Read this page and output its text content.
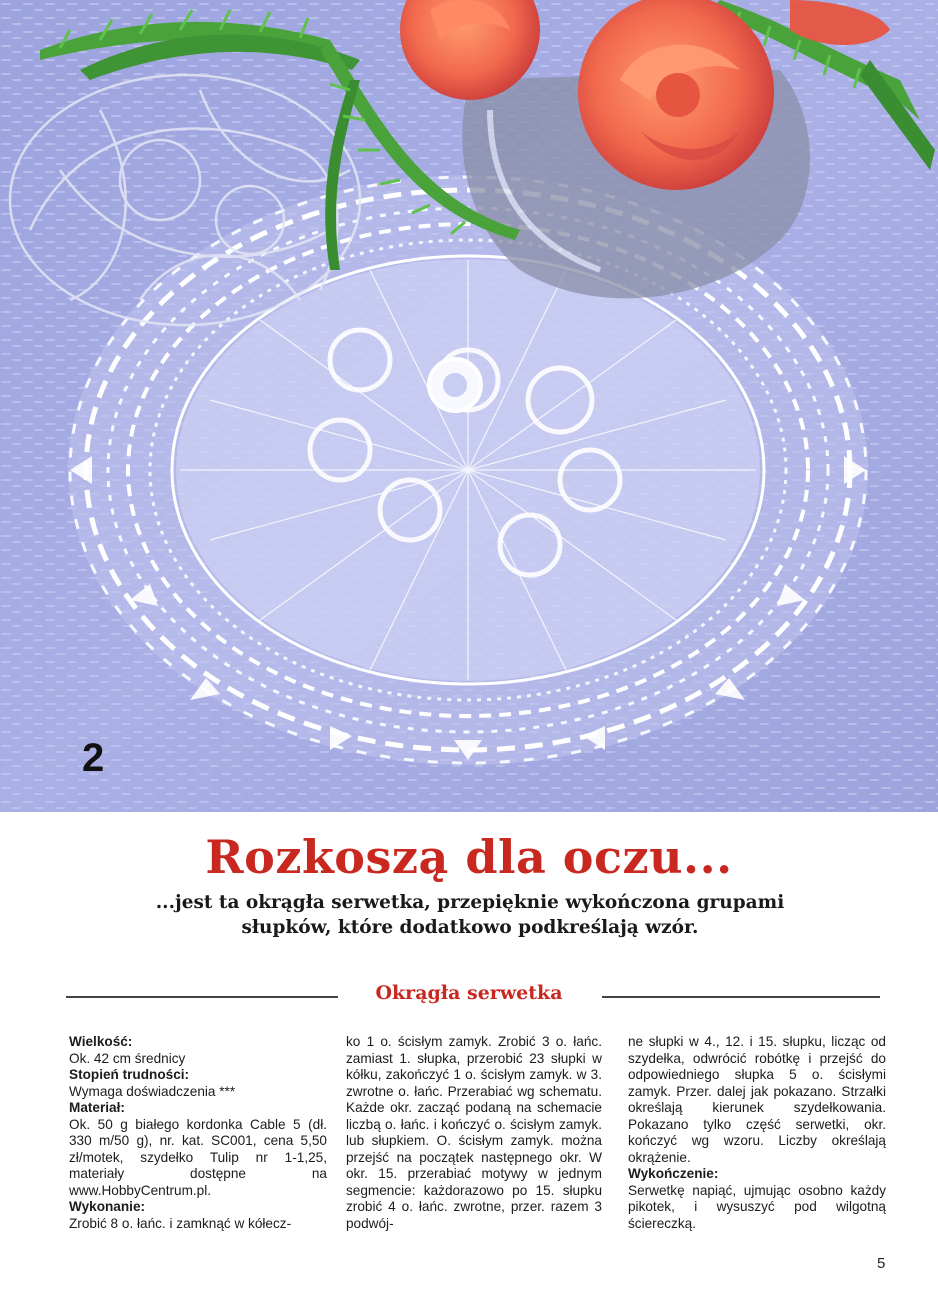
2
Rozkoszą dla oczu...
...jest ta okrągła serwetka, przepięknie wykończona grupami
słupków, które dodatkowo podkreślają wzór.
Okrągła serwetka
Wielkość:

Ok. 42 cm średnicy

Stopień trudności:

Wymaga doświadczenia ***

Materiał:

Ok. 50 g białego kordonka Cable 5 (dł. 330 m/50 g), nr. kat. SC001, cena 5,50 zł/motek, szydełko Tulip nr 1-1,25, materiały dostępne na www.HobbyCentrum.pl.

Wykonanie:

Zrobić 8 o. łańc. i zamknąć w kółecz-

ko 1 o. ścisłym zamyk. Zrobić 3 o. łańc. zamiast 1. słupka, przerobić 23 słupki w kółku, zakończyć 1 o. ścisłym zamyk. w 3. zwrotne o. łańc. Przerabiać wg schematu. Każde okr. zacząć podaną na schemacie liczbą o. łańc. i kończyć o. ścisłym zamyk. lub słupkiem. O. ścisłym zamyk. można przejść na początek następnego okr. W okr. 15. przerabiać motywy w jednym segmencie: każdorazowo po 15. słupku zrobić 4 o. łańc. zwrotne, przer. razem 3 podwój-

ne słupki w 4., 12. i 15. słupku, licząc od szydełka, odwrócić robótkę i przejść do odpowiedniego słupka 5 o. ścisłymi zamyk. Przer. dalej jak pokazano. Strzałki określają kierunek szydełkowania. Pokazano tylko część serwetki, okr. kończyć wg wzoru. Liczby określają okrążenie.

Wykończenie:

Serwetkę napiąć, ujmując osobno każdy pikotek, i wysuszyć pod wilgotną ściereczką.

5
